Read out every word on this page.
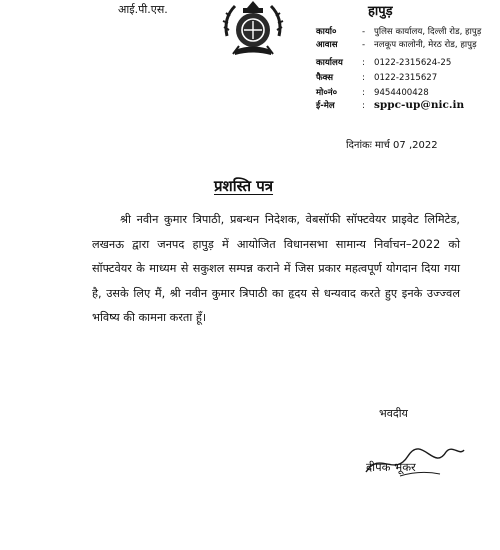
आई.पी.एस.	हापुड़
कार्या०	- पुलिस कार्यालय, दिल्ली रोड, हापुड़
आवास	- नलकूप कालोनी, मेरठ रोड, हापुड़
कार्यालय : 0122-2315624-25
फैक्स	: 0122-2315627
मो०नं०	: 9454400428
ई-मेल	: sppc-up@nic.in
दिनांकः मार्च 07 ,2022
प्रशस्ति पत्र
श्री नवीन कुमार त्रिपाठी, प्रबन्धन निदेशक, वेबसॉफी सॉफ्टवेयर प्राइवेट लिमिटेड, लखनऊ द्वारा जनपद हापुड़ में आयोजित विधानसभा सामान्य निर्वाचन–2022 को सॉफ्टवेयर के माध्यम से सकुशल सम्पन्न कराने में जिस प्रकार महत्वपूर्ण योगदान दिया गया है, उसके लिए मैं, श्री नवीन कुमार त्रिपाठी का हृदय से धन्यवाद करते हुए इनके उज्ज्वल भविष्य की कामना करता हूँ।
भवदीय
दीपक भूकर
